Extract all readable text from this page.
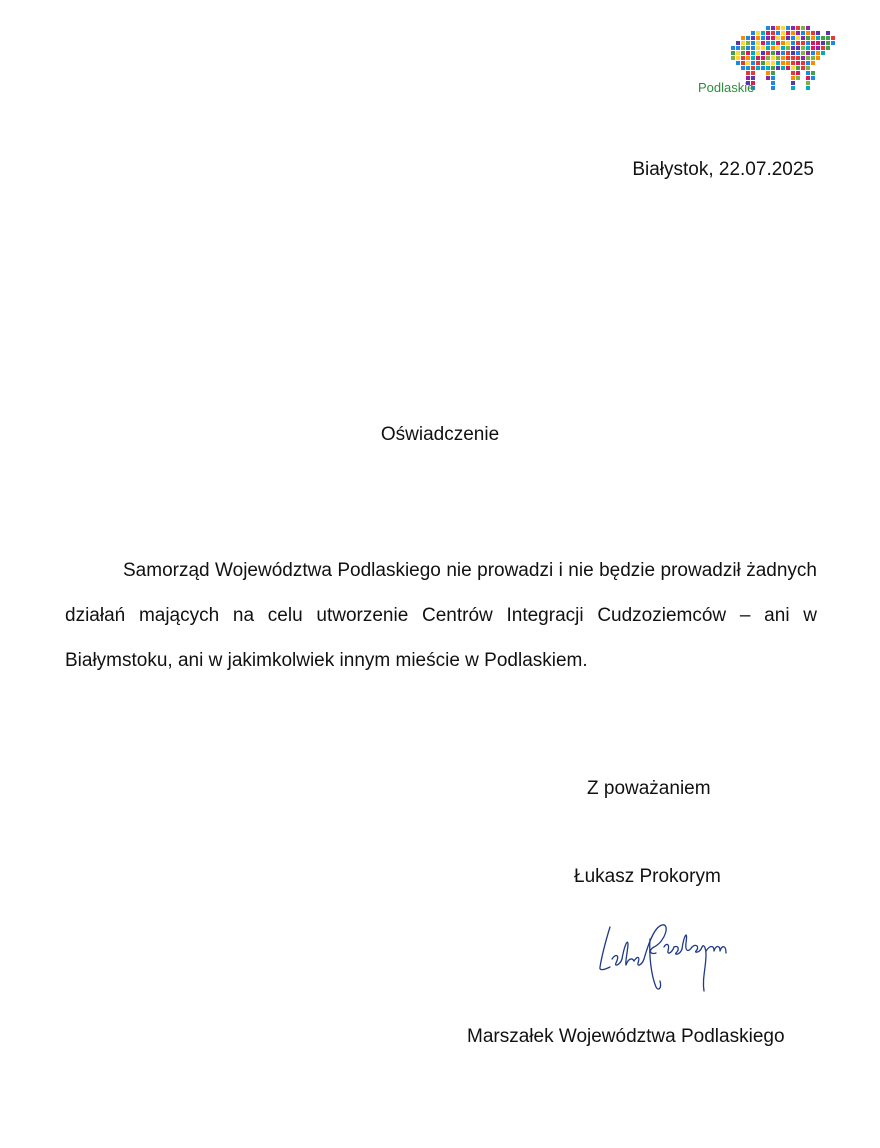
Podlaskie
Białystok, 22.07.2025
Oświadczenie

Samorząd Województwa Podlaskiego nie prowadzi i nie będzie prowadził żadnych działań mających na celu utworzenie Centrów Integracji Cudzoziemców – ani w Białymstoku, ani w jakimkolwiek innym mieście w Podlaskiem.

Z poważaniem
Łukasz Prokorym
Marszałek Województwa Podlaskiego
